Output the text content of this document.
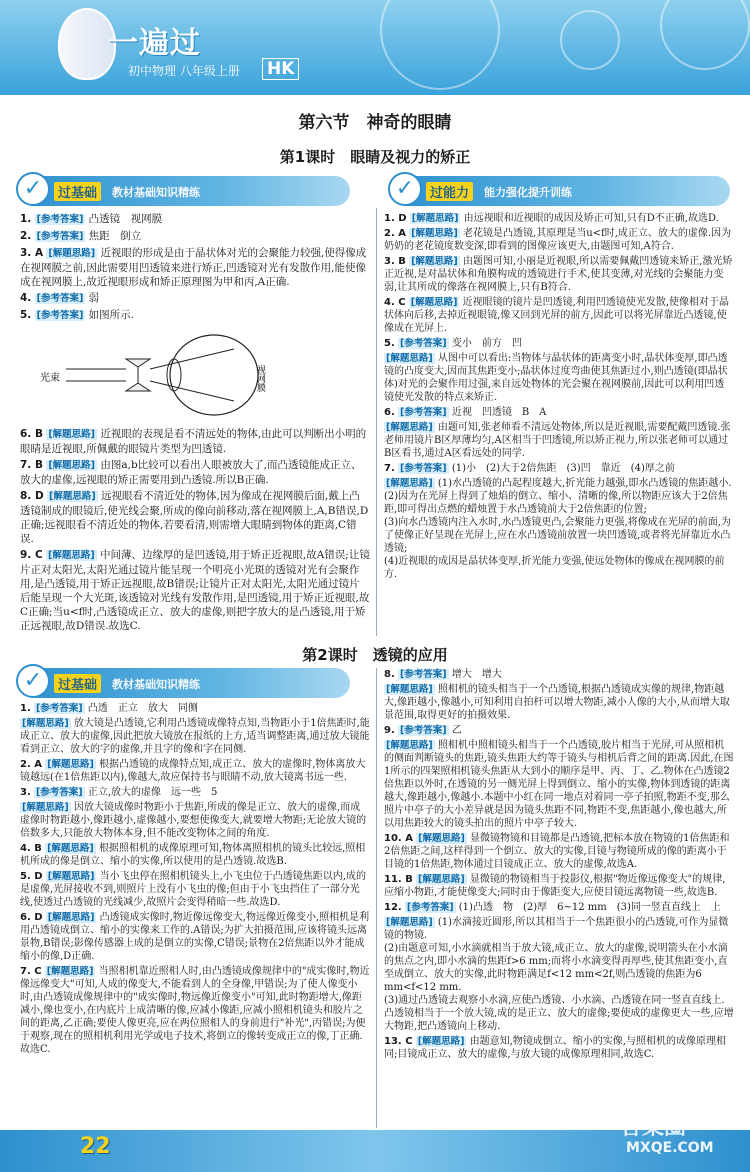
一遍过
初中物理 八年级上册 HK
第六节　神奇的眼睛
第1课时　眼睛及视力的矫正
✓	过基础	教材基础知识精练	✓	过能力	能力强化提升训练

1. [参考答案] 凸透镜　视网膜

2. [参考答案] 焦距　倒立

3. A [解题思路] 近视眼的形成是由于晶状体对光的会聚能力较强,使得像成在视网膜之前,因此需要用凹透镜来进行矫正,凹透镜对光有发散作用,能使像成在视网膜上,故近视眼形成和矫正原理图为甲和丙,A正确.

4. [参考答案] 弱

5. [参考答案] 如图所示.

光束	视网膜

6. B [解题思路] 近视眼的表现是看不清远处的物体,由此可以判断出小明的眼睛是近视眼,所佩戴的眼镜片类型为凹透镜.

7. B [解题思路] 由图a,b比较可以看出人眼被放大了,而凸透镜能成正立、放大的虚像,远视眼的矫正需要用到凸透镜.所以B正确.

8. D [解题思路] 远视眼看不清近处的物体,因为像成在视网膜后面,戴上凸透镜制成的眼镜后,使光线会聚,所成的像向前移动,落在视网膜上,A,B错误,D正确;远视眼看不清近处的物体,若要看清,则需增大眼睛到物体的距离,C错误.

9. C [解题思路] 中间薄、边缘厚的是凹透镜,用于矫正近视眼,故A错误;让镜片正对太阳光,太阳光通过镜片能呈现一个明亮小光斑的透镜对光有会聚作用,是凸透镜,用于矫正远视眼,故B错误;让镜片正对太阳光,太阳光通过镜片后能呈现一个大光斑,该透镜对光线有发散作用,是凹透镜,用于矫正近视眼,故C正确;当u<f时,凸透镜成正立、放大的虚像,则把字放大的是凸透镜,用于矫正远视眼,故D错误.故选C.

1. D [解题思路] 由远视眼和近视眼的成因及矫正可知,只有D不正确,故选D.

2. A [解题思路] 老花镜是凸透镜,其原理是当u<f时,成正立、放大的虚像.因为奶奶的老花镜度数变深,即看到的图像应该更大,由题图可知,A符合.

3. B [解题思路] 由题图可知,小丽是近视眼,所以需要佩戴凹透镜来矫正,激光矫正近视,是对晶状体和角膜构成的透镜进行手术,使其变薄,对光线的会聚能力变弱,让其所成的像落在视网膜上,只有B符合.

4. C [解题思路] 近视眼镜的镜片是凹透镜,利用凹透镜使光发散,使像相对于晶状体向后移,去掉近视眼镜,像又回到光屏的前方,因此可以将光屏靠近凸透镜,使像成在光屏上.

5. [参考答案] 变小　前方　凹

[解题思路] 从图中可以看出:当物体与晶状体的距离变小时,晶状体变厚,即凸透镜的凸度变大,因而其焦距变小;晶状体过度弯曲使其焦距过小,则凸透镜(即晶状体)对光的会聚作用过强,来自远处物体的光会聚在视网膜前,因此可以利用凹透镜使光发散的特点来矫正.

6. [参考答案] 近视　凹透镜　B　A

[解题思路] 由题可知,张老师看不清远处物体,所以是近视眼,需要配戴凹透镜.张老师用镜片B区厚薄均匀,A区相当于凹透镜,所以矫正视力,所以张老师可以通过B区看书,通过A区看远处的同学.

7. [参考答案] (1)小　(2)大于2倍焦距　(3)凹　靠近　(4)厚之前

[解题思路] (1)水凸透镜的凸起程度越大,折光能力越强,即水凸透镜的焦距越小.
(2)因为在光屏上得到了烛焰的倒立、缩小、清晰的像,所以物距应该大于2倍焦距,即可得出点燃的蜡烛置于水凸透镜前大于2倍焦距的位置;
(3)向水凸透镜内注入水时,水凸透镜更凸,会聚能力更强,将像成在光屏的前面,为了使像正好呈现在光屏上,应在水凸透镜前放置一块凹透镜,或者将光屏靠近水凸透镜;
(4)近视眼的成因是晶状体变厚,折光能力变强,使远处物体的像成在视网膜的前方.

第2课时　透镜的应用
✓	过基础	教材基础知识精练

1. [参考答案] 凸透　正立　放大　同侧

[解题思路] 放大镜是凸透镜,它利用凸透镜成像特点知,当物距小于1倍焦距时,能成正立、放大的虚像,因此把放大镜放在报纸的上方,适当调整距离,通过放大镜能看到正立、放大的字的虚像,并且字的像和字在同侧.

2. A [解题思路] 根据凸透镜的成像特点知,成正立、放大的虚像时,物体离放大镜越远(在1倍焦距以内),像越大,故应保持书与眼睛不动,放大镜离书远一些.

3. [参考答案] 正立,放大的虚像　远一些　5

[解题思路] 因放大镜成像时物距小于焦距,所成的像是正立、放大的虚像,而成虚像时物距越小,像距越小,虚像越小,要想使像变大,就要增大物距;无论放大镜的倍数多大,只能放大物体本身,但不能改变物体之间的角度.

4. B [解题思路] 根据照相机的成像原理可知,物体离照相机的镜头比较远,照相机所成的像是倒立、缩小的实像,所以使用的是凸透镜.故选B.

5. D [解题思路] 当小飞虫停在照相机镜头上,小飞虫位于凸透镜焦距以内,成的是虚像,光屏接收不到,则照片上没有小飞虫的像;但由于小飞虫挡住了一部分光线,使透过凸透镜的光线减少,故照片会变得稍暗一些.故选D.

6. D [解题思路] 凸透镜成实像时,物近像远像变大,物远像近像变小,照相机是利用凸透镜成倒立、缩小的实像来工作的.A错误;为扩大拍摄范围,应该将镜头远离景物,B错误;影像传感器上成的是倒立的实像,C错误;景物在2倍焦距以外才能成缩小的像,D正确.

7. C [解题思路] 当照相机靠近照相人时,由凸透镜成像规律中的"成实像时,物近像远像变大"可知,人成的像变大,不能看到人的全身像,甲错误;为了使人像变小时,由凸透镜成像规律中的"成实像时,物远像近像变小"可知,此时物距增大,像距减小,像也变小,在内底片上成清晰的像,应减小像距,应减小照相机镜头和胶片之间的距离,乙正确;要使人像更亮,应在两位照相人的身前进行"补光",丙错误;为便于观察,现在的照相机利用光学或电子技术,将倒立的像转变成正立的像,丁正确.故选C.

8. [参考答案] 增大　增大

[解题思路] 照相机的镜头相当于一个凸透镜,根据凸透镜成实像的规律,物距越大,像距越小,像越小,可知利用自拍杆可以增大物距,减小人像的大小,从而增大取景范围,取得更好的拍摄效果.

9. [参考答案] 乙

[解题思路] 照相机中照相镜头相当于一个凸透镜,胶片相当于光屏,可从照相机的侧面判断镜头的焦距,镜头焦距大约等于镜头与相机后背之间的距离.因此,在图1所示的四架照相机镜头焦距从大到小的顺序是甲、丙、丁、乙.物体在凸透镜2倍焦距以外时,在透镜的另一侧光屏上得到倒立、缩小的实像,物体到透镜的距离越大,像距越小,像越小.本题中小红在同一地点对着同一亭子拍照,物距不变,那么照片中亭子的大小差异就是因为镜头焦距不同,物距不变,焦距越小,像也越大,所以用焦距较大的镜头拍出的照片中亭子较大.

10. A [解题思路] 显微镜物镜和目镜都是凸透镜,把标本放在物镜的1倍焦距和2倍焦距之间,这样得到一个倒立、放大的实像,目镜与物镜所成的像的距离小于目镜的1倍焦距,物体通过目镜成正立、放大的虚像,故选A.

11. B [解题思路] 显微镜的物镜相当于投影仪,根据"物近像远像变大"的规律,应缩小物距,才能使像变大;同时由于像距变大,应使目镜远离物镜一些,故选B.

12. [参考答案] (1)凸透　物　(2)厚　6~12 mm　(3)同一竖直直线上　上

[解题思路] (1)水滴接近圆形,所以其相当于一个焦距很小的凸透镜,可作为显微镜的物镜.
(2)由题意可知,小水滴就相当于放大镜,成正立、放大的虚像,说明箭头在小水滴的焦点之内,即小水滴的焦距f>6 mm;而将小水滴变得再厚些,使其焦距变小,直至成倒立、放大的实像,此时物距满足f<12 mm<2f,则凸透镜的焦距为6 mm<f<12 mm.
(3)通过凸透镜去观察小水滴,应使凸透镜、小水滴、凸透镜在同一竖直直线上.凸透镜相当于一个放大镜,成的是正立、放大的虚像;要使成的虚像更大一些,应增大物距,把凸透镜向上移动.

13. C [解题思路] 由题意知,物镜成倒立、缩小的实像,与照相机的成像原理相同;目镜成正立、放大的虚像,与放大镜的成像原理相同,故选C.

22
答案圈
MXQE.COM
